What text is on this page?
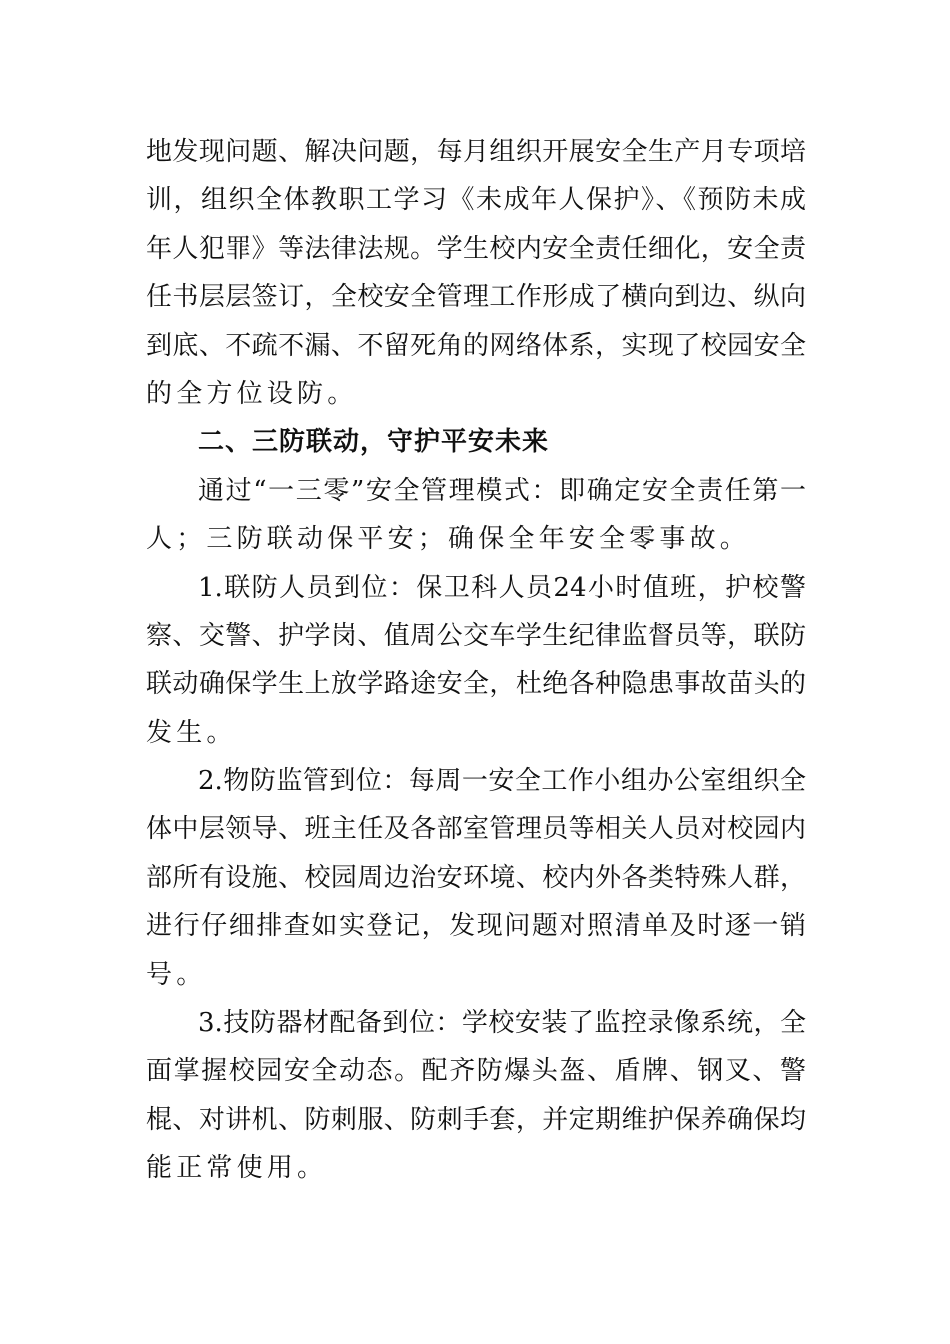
地发现问题、解决问题，每月组织开展安全生产月专项培
训，组织全体教职工学习《未成年人保护》、《预防未成
年人犯罪》等法律法规。学生校内安全责任细化，安全责
任书层层签订，全校安全管理工作形成了横向到边、纵向
到底、不疏不漏、不留死角的网络体系，实现了校园安全
的全方位设防。
二、三防联动，守护平安未来
通过“一三零”安全管理模式：即确定安全责任第一
人；三防联动保平安；确保全年安全零事故。
1.联防人员到位：保卫科人员24小时值班，护校警
察、交警、护学岗、值周公交车学生纪律监督员等，联防
联动确保学生上放学路途安全，杜绝各种隐患事故苗头的
发生。
2.物防监管到位：每周一安全工作小组办公室组织全
体中层领导、班主任及各部室管理员等相关人员对校园内
部所有设施、校园周边治安环境、校内外各类特殊人群，
进行仔细排查如实登记，发现问题对照清单及时逐一销
号。
3.技防器材配备到位：学校安装了监控录像系统，全
面掌握校园安全动态。配齐防爆头盔、盾牌、钢叉、警
棍、对讲机、防刺服、防刺手套，并定期维护保养确保均
能正常使用。
